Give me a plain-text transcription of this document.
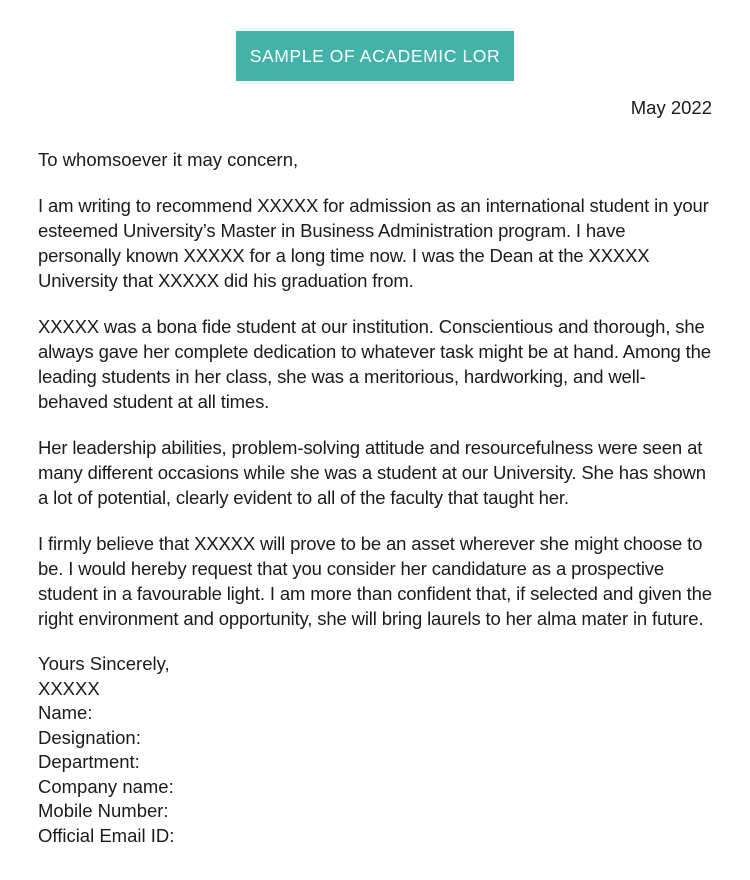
SAMPLE OF ACADEMIC LOR
May 2022
To whomsoever it may concern,

I am writing to recommend XXXXX for admission as an international student in your esteemed University’s Master in Business Administration program. I have personally known XXXXX for a long time now. I was the Dean at the XXXXX University that XXXXX did his graduation from.

XXXXX was a bona fide student at our institution. Conscientious and thorough, she always gave her complete dedication to whatever task might be at hand. Among the leading students in her class, she was a meritorious, hardworking, and well-behaved student at all times.

Her leadership abilities, problem-solving attitude and resourcefulness were seen at many different occasions while she was a student at our University. She has shown a lot of potential, clearly evident to all of the faculty that taught her.

I firmly believe that XXXXX will prove to be an asset wherever she might choose to be. I would hereby request that you consider her candidature as a prospective student in a favourable light. I am more than confident that, if selected and given the right environment and opportunity, she will bring laurels to her alma mater in future.

Yours Sincerely,
XXXXX
Name:
Designation:
Department:
Company name:
Mobile Number:
Official Email ID:
